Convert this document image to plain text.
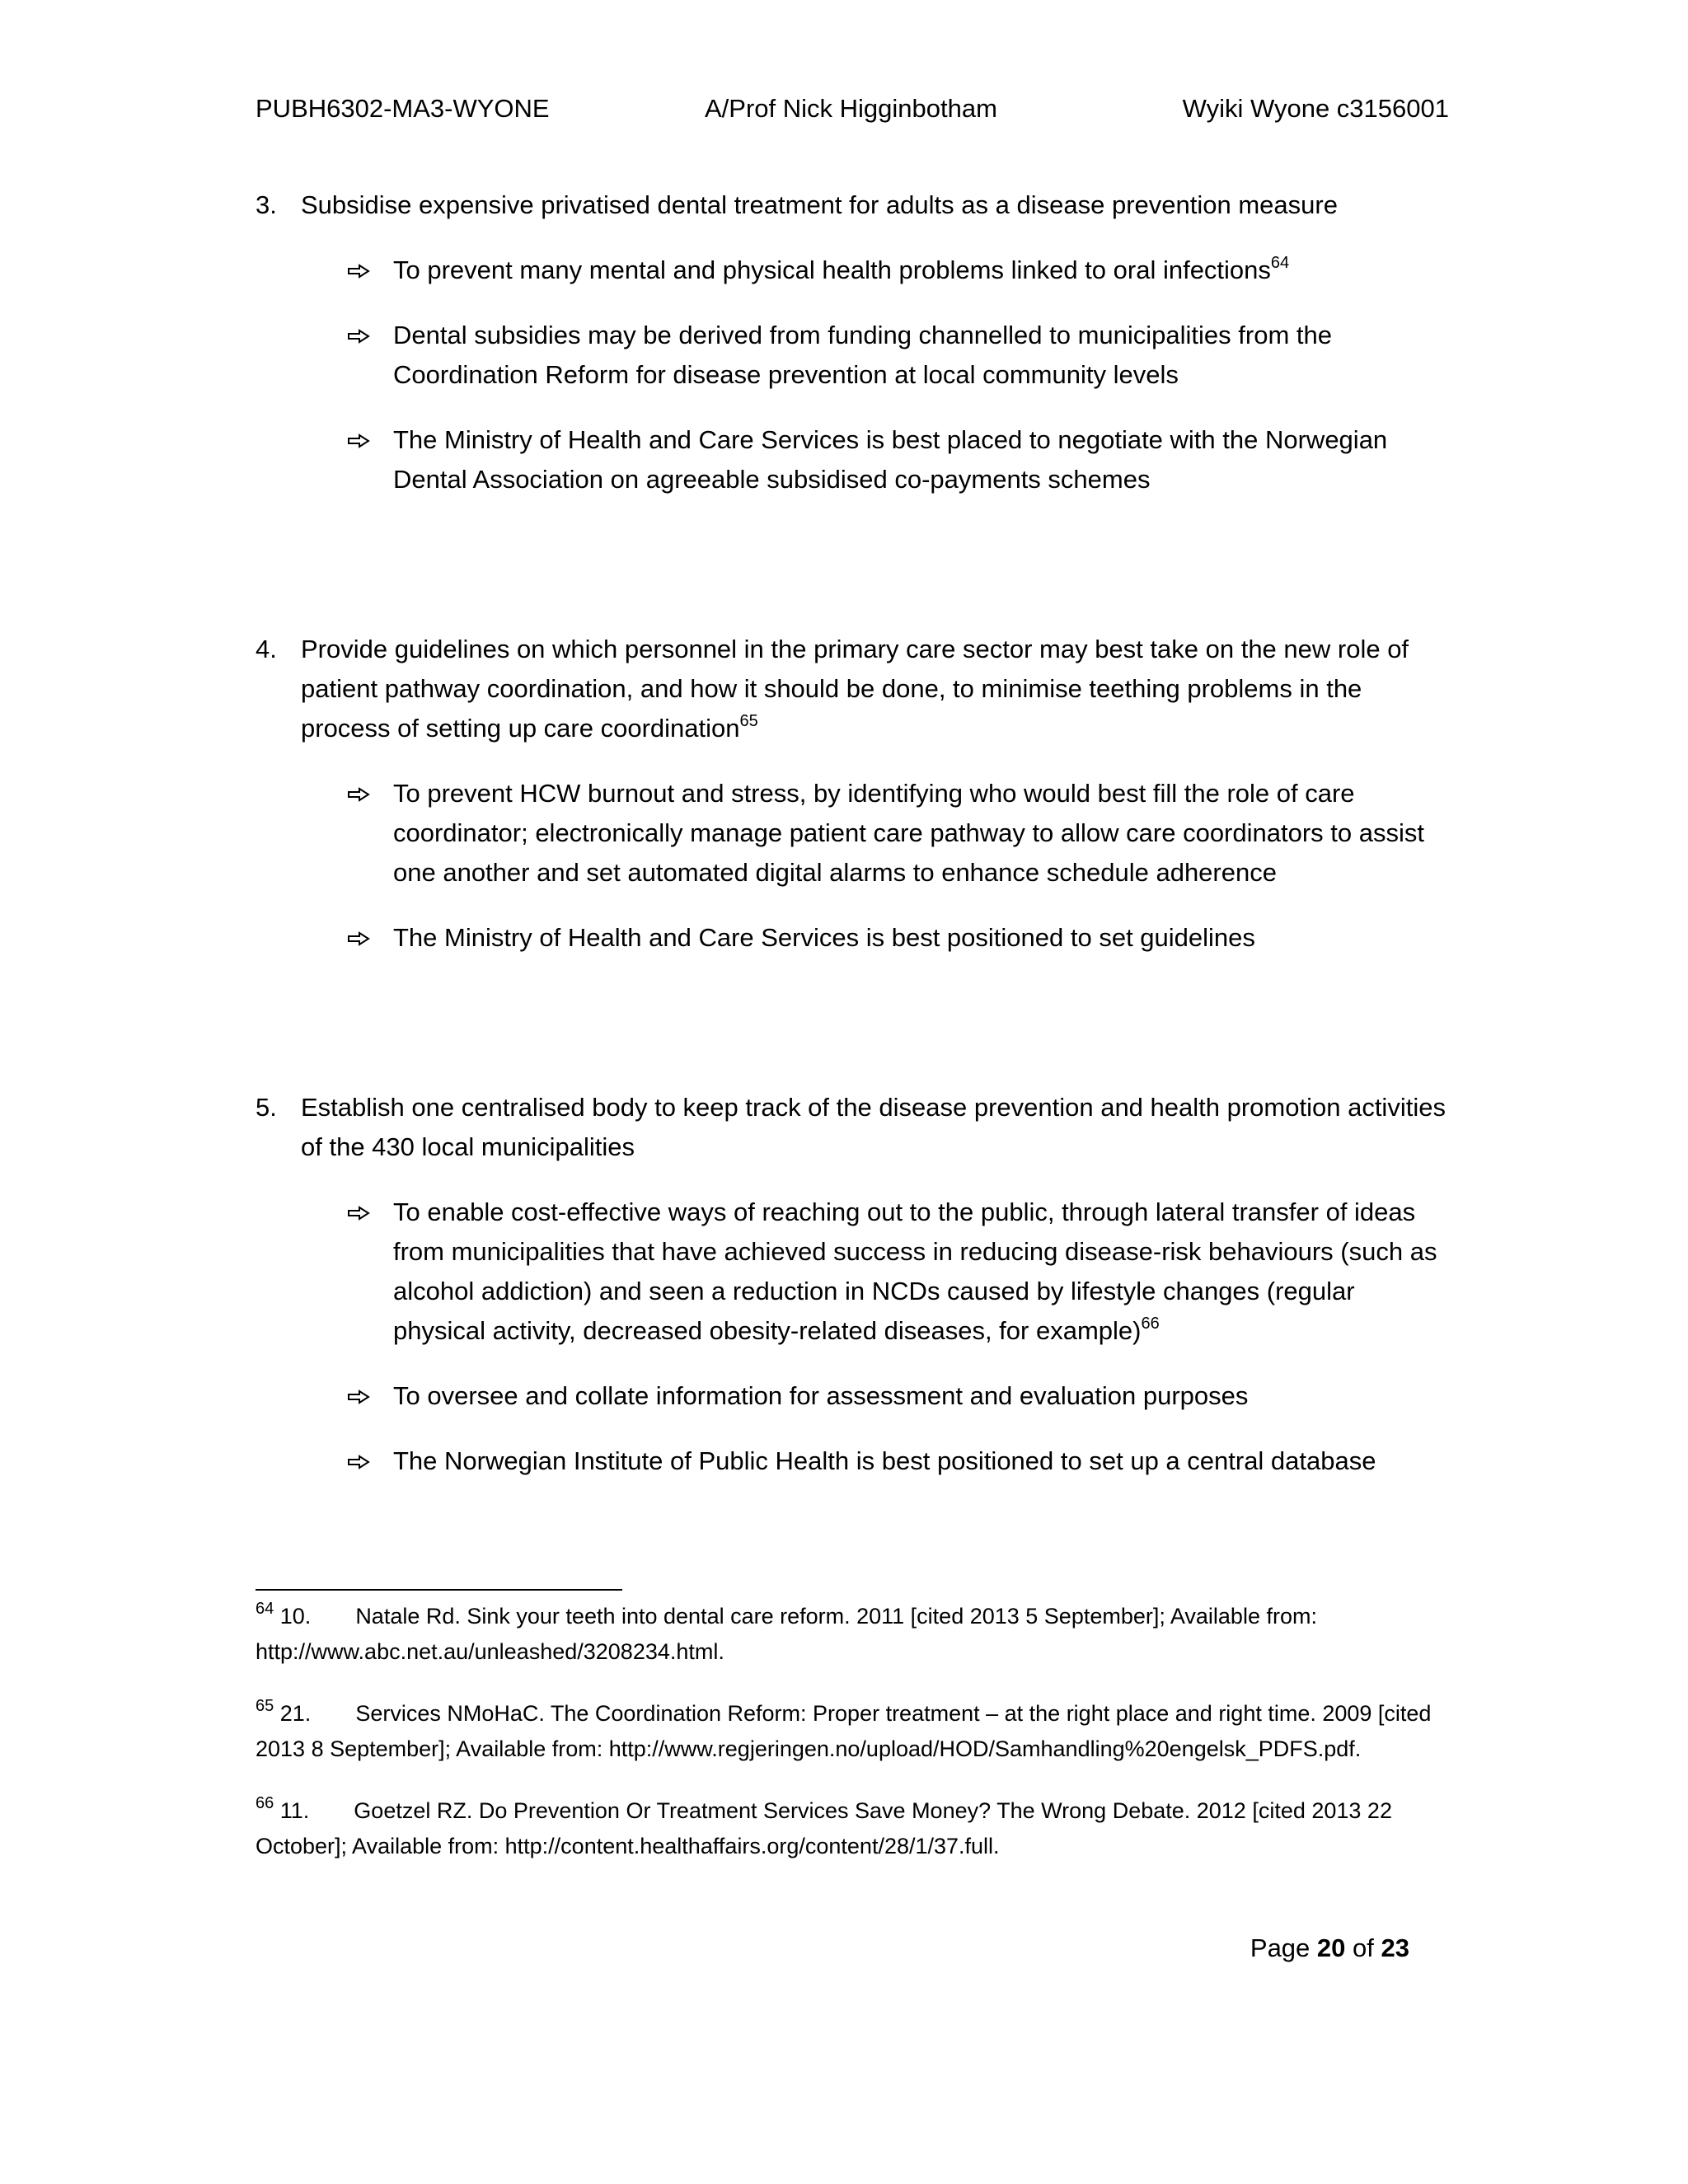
PUBH6302-MA3-WYONE	A/Prof Nick Higginbotham	Wyiki Wyone c3156001
3. Subsidise expensive privatised dental treatment for adults as a disease prevention measure

To prevent many mental and physical health problems linked to oral infections$^{64}$

Dental subsidies may be derived from funding channelled to municipalities from the Coordination Reform for disease prevention at local community levels

The Ministry of Health and Care Services is best placed to negotiate with the Norwegian Dental Association on agreeable subsidised co-payments schemes

4. Provide guidelines on which personnel in the primary care sector may best take on the new role of patient pathway coordination, and how it should be done, to minimise teething problems in the process of setting up care coordination$^{65}$

To prevent HCW burnout and stress, by identifying who would best fill the role of care coordinator; electronically manage patient care pathway to allow care coordinators to assist one another and set automated digital alarms to enhance schedule adherence

The Ministry of Health and Care Services is best positioned to set guidelines

5. Establish one centralised body to keep track of the disease prevention and health promotion activities of the 430 local municipalities

To enable cost-effective ways of reaching out to the public, through lateral transfer of ideas from municipalities that have achieved success in reducing disease-risk behaviours (such as alcohol addiction) and seen a reduction in NCDs caused by lifestyle changes (regular physical activity, decreased obesity-related diseases, for example)$^{66}$

To oversee and collate information for assessment and evaluation purposes

The Norwegian Institute of Public Health is best positioned to set up a central database

$^{64}$ 10. Natale Rd. Sink your teeth into dental care reform. 2011 [cited 2013 5 September]; Available from: http://www.abc.net.au/unleashed/3208234.html.

$^{65}$ 21. Services NMoHaC. The Coordination Reform: Proper treatment – at the right place and right time. 2009 [cited 2013 8 September]; Available from: http://www.regjeringen.no/upload/HOD/Samhandling%20engelsk_PDFS.pdf.

$^{66}$ 11. Goetzel RZ. Do Prevention Or Treatment Services Save Money? The Wrong Debate. 2012 [cited 2013 22 October]; Available from: http://content.healthaffairs.org/content/28/1/37.full.

Page 20 of 23
